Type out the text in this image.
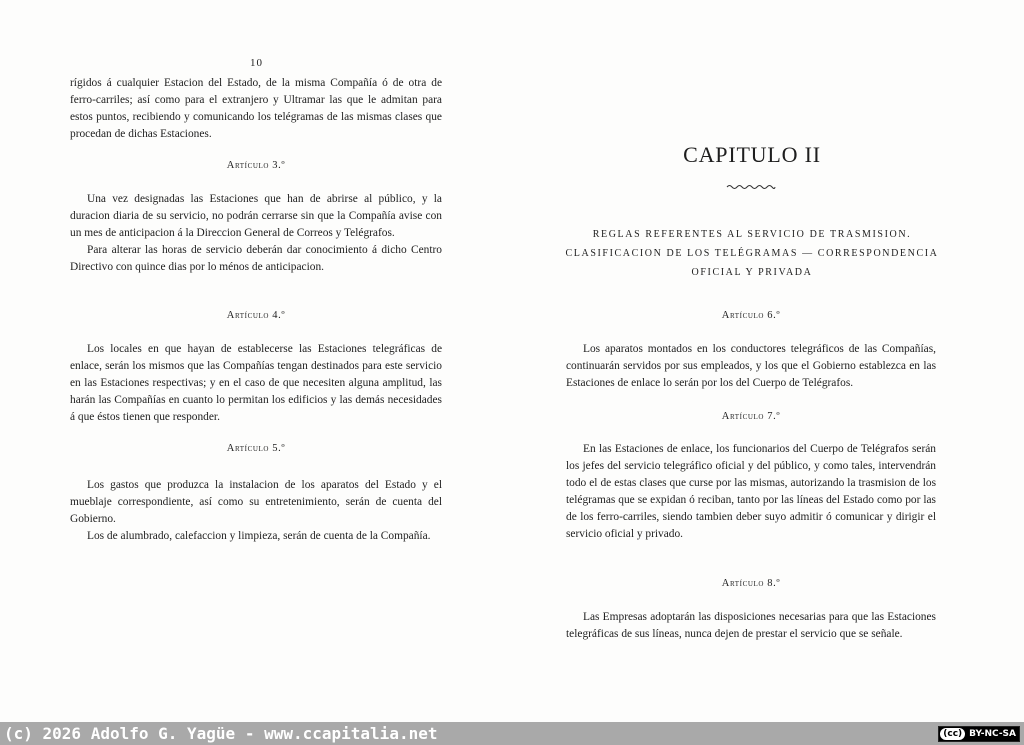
10

rígidos á cualquier Estacion del Estado, de la misma Compañía ó de otra de ferro-carriles; así como para el extranjero y Ultramar las que le admitan para estos puntos, recibiendo y comunicando los telégramas de las mismas clases que procedan de dichas Estaciones.

Artículo 3.º

Una vez designadas las Estaciones que han de abrirse al público, y la duracion diaria de su servicio, no podrán cerrarse sin que la Compañía avise con un mes de anticipacion á la Direccion General de Correos y Telégrafos.

Para alterar las horas de servicio deberán dar conocimiento á dicho Centro Directivo con quince dias por lo ménos de anticipacion.

Artículo 4.º

Los locales en que hayan de establecerse las Estaciones telegráficas de enlace, serán los mismos que las Compañías tengan destinados para este servicio en las Estaciones respectivas; y en el caso de que necesiten alguna amplitud, las harán las Compañías en cuanto lo permitan los edificios y las demás necesidades á que éstos tienen que responder.

Artículo 5.º

Los gastos que produzca la instalacion de los aparatos del Estado y el mueblaje correspondiente, así como su entretenimiento, serán de cuenta del Gobierno.

Los de alumbrado, calefaccion y limpieza, serán de cuenta de la Compañía.

CAPITULO II
REGLAS REFERENTES AL SERVICIO DE TRASMISION. CLASIFICACION DE LOS TELÉGRAMAS — CORRESPONDENCIA OFICIAL Y PRIVADA
Artículo 6.º

Los aparatos montados en los conductores telegráficos de las Compañías, continuarán servidos por sus empleados, y los que el Gobierno establezca en las Estaciones de enlace lo serán por los del Cuerpo de Telégrafos.

Artículo 7.º

En las Estaciones de enlace, los funcionarios del Cuerpo de Telégrafos serán los jefes del servicio telegráfico oficial y del público, y como tales, intervendrán todo el de estas clases que curse por las mismas, autorizando la trasmision de los telégramas que se expidan ó reciban, tanto por las líneas del Estado como por las de los ferro-carriles, siendo tambien deber suyo admitir ó comunicar y dirigir el servicio oficial y privado.

Artículo 8.º

Las Empresas adoptarán las disposiciones necesarias para que las Estaciones telegráficas de sus líneas, nunca dejen de prestar el servicio que se señale.

(c) 2026 Adolfo G. Yagüe - www.ccapitalia.net	(cc) BY-NC-SA
